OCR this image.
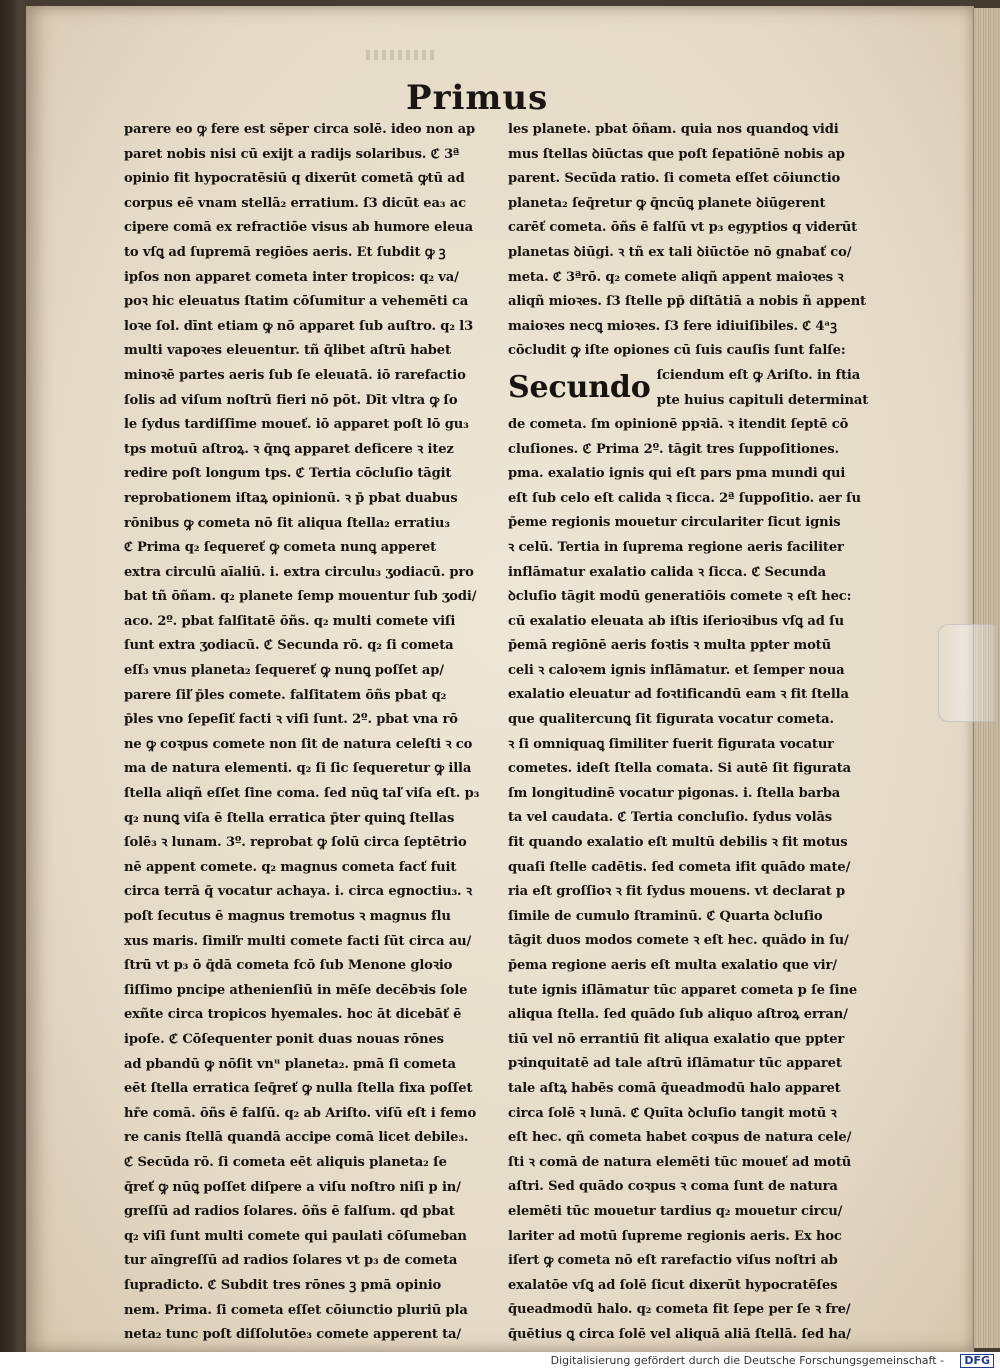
Primus
parere eo ꝙ fere est sēper circa solē. ideo non ap
paret nobis nisi cū exijt a radijs solaribus. ℭ 3ª
opinio fit hypocratēsiū q dixerūt cometā ꝙtū ad
corpus eē vnam stellā₂ erratium. ſ3 dicūt ea₃ ac
cipere comā ex refractiōe visus ab humore eleua
to vſꝗ ad ſupremā regiōes aeris. Et ſubdit ꝙ ꝫ
ipſos non apparet cometa inter tropicos: q₂ va/
poꝛ hic eleuatus ſtatim cōſumitur a vehemēti ca
loꝛe ſol. dīnt etiam ꝙ nō apparet ſub auſtro. q₂ l3
multi vapoꝛes eleuentur. tñ q̄libet aſtrū habet
minoꝛē partes aeris ſub ſe eleuatā. iō rarefactio
ſolis ad viſum noſtrū fieri nō pōt. Dīt vltra ꝙ ſo
le ſydus tardiſſime moueť. iō apparet poſt lō gu₃
tps motuū aſtroꝝ. ꝛ q̄nꝗ apparet deficere ꝛ itez
redire poſt longum tps. ℭ Tertia cōcluſio tāgit
reprobationem iſtaꝝ opinionū. ꝛ p̄ pbat duabus
rōnibus ꝙ cometa nō ſit aliqua ſtella₂ erratiu₃
ℭ Prima q₂ ſequereť ꝙ cometa nunꝗ apperet
extra circulū aīaliū. i. extra circulu₃ ʒodiacū. pro
bat tñ ōñam. q₂ planete ſemp mouentur ſub ʒodi/
aco. 2º. pbat falſitatē ōñs. q₂ multi comete viſi
ſunt extra ʒodiacū. ℭ Secunda rō. q₂ ſi cometa
eſſ₃ vnus planeta₂ ſequereť ꝙ nunꝗ poſſet ap/
parere ſiľ p̄les comete. falſitatem ōñs pbat q₂
p̄les vno ſepeſiť facti ꝛ viſi ſunt. 2º. pbat vna rō
ne ꝙ coꝛpus comete non ſit de natura celeſti ꝛ co
ma de natura elementi. q₂ ſi ſic ſequeretur ꝙ illa
ſtella aliqñ eſſet ſine coma. ſed nūꝗ taľ viſa eſt. p₃
q₂ nunꝗ viſa ē ſtella erratica p̄ter quinꝗ ſtellas
ſolē₃ ꝛ lunam. 3º. reprobat ꝙ ſolū circa ſeptētrio
nē appent comete. q₂ magnus cometa facť fuit
circa terrā q̄ vocatur achaya. i. circa egnoctiu₃. ꝛ
poſt ſecutus ē magnus tremotus ꝛ magnus flu
xus maris. ſimiľr multi comete facti ſūt circa au/
ſtrū vt p₃ ō q̄dā cometa fcō ſub Menone gloꝛio
ſiſſimo pncipe athenienſiū in mēſe decēbꝛis ſole
exñte circa tropicos hyemales. hoc āt dicebāť ē
ipoſe. ℭ Cōſequenter ponit duas nouas rōnes
ad pbandū ꝙ nōſit vnᵘ planeta₂. pmā ſi cometa
eēt ſtella erratica ſeq̄reť ꝙ nulla ſtella fixa poſſet
hr̄e comā. ōñs ē falſū. q₂ ab Ariſto. viſū eſt i femo
re canis ſtellā quandā accipe comā licet debile₃.
ℭ Secūda rō. ſi cometa eēt aliquis planeta₂ ſe
q̄reť ꝙ nūꝗ poſſet diſpere a viſu noſtro niſi p in/
greſſū ad radios ſolares. ōñs ē falſum. qd pbat
q₂ viſi ſunt multi comete qui paulati cōſumeban
tur aīngreſſū ad radios ſolares vt p₃ de cometa
ſupradicto. ℭ Subdit tres rōnes ꝫ pmā opinio
nem. Prima. ſi cometa eſſet cōiunctio pluriū pla
neta₂ tunc poſt diſſolutōe₃ comete apperent ta/
les planete. pbat ōñam. quia nos quandoꝗ vidi
mus ſtellas ꝺiūctas que poſt ſepatiōnē nobis ap
parent. Secūda ratio. ſi cometa eſſet cōiunctio
planeta₂ ſeq̄retur ꝙ q̄ncūꝗ planete ꝺiūgerent
carēť cometa. ōñs ē falſū vt p₃ egyptios q viderūt
planetas ꝺiūgi. ꝛ tñ ex tali ꝺiūctōe nō gnabať co/
meta. ℭ 3ªrō. q₂ comete aliqñ appent maioꝛes ꝛ
aliqñ mioꝛes. ſ3 ſtelle pp̄ diſtātiā a nobis ñ appent
maioꝛes necꝗ mioꝛes. ſ3 fere idiuiſibiles. ℭ 4ᵃꝫ
cōcludit ꝙ iſte opiones cū ſuis cauſis ſunt falſe:
Secundo ſciendum eſt ꝙ Ariſto. in ftia
pte huius capituli determinat
de cometa. ſm opinionē ppꝛiā. ꝛ itendit ſeptē cō
cluſiones. ℭ Prima 2º. tāgit tres ſuppoſitiones.
pma. exalatio ignis qui eſt pars pma mundi qui
eſt ſub celo eſt calida ꝛ ſicca. 2ª ſuppoſitio. aer ſu
p̄eme regionis mouetur circulariter ſicut ignis
ꝛ celū. Tertia in ſuprema regione aeris faciliter
inflāmatur exalatio calida ꝛ ſicca. ℭ Secunda
ꝺcluſio tāgit modū generatiōis comete ꝛ eſt hec:
cū exalatio eleuata ab iſtis iſerioꝛibus vſꝗ ad ſu
p̄emā regiōnē aeris foꝛtis ꝛ multa ppter motū
celi ꝛ caloꝛem ignis inflāmatur. et ſemper noua
exalatio eleuatur ad foꝛtificandū eam ꝛ fit ſtella
que qualitercunꝗ ſit figurata vocatur cometa.
ꝛ ſi omniquaꝗ ſimiliter fuerit figurata vocatur
cometes. ideſt ſtella comata. Si autē ſit figurata
ſm longitudinē vocatur pigonas. i. ſtella barba
ta vel caudata. ℭ Tertia concluſio. ſydus volās
fit quando exalatio eſt multū debilis ꝛ fit motus
quaſi ſtelle cadētis. ſed cometa ifit quādo mate/
ria eſt groſſioꝛ ꝛ fit ſydus mouens. vt declarat p
ſimile de cumulo ſtraminū. ℭ Quarta ꝺcluſio
tāgit duos modos comete ꝛ eſt hec. quādo in ſu/
p̄ema regione aeris eſt multa exalatio que vir/
tute ignis iſlāmatur tūc apparet cometa p ſe ſine
aliqua ſtella. ſed quādo ſub aliquo aſtroꝝ erran/
tiū vel nō errantiū fit aliqua exalatio que ppter
pꝛinquitatē ad tale aſtrū iſlāmatur tūc apparet
tale aſtꝝ habēs comā q̄ueadmodū halo apparet
circa ſolē ꝛ lunā. ℭ Quīta ꝺcluſio tangit motū ꝛ
eſt hec. qñ cometa habet coꝛpus de natura cele/
ſti ꝛ comā de natura elemēti tūc moueť ad motū
aſtri. Sed quādo coꝛpus ꝛ coma ſunt de natura
elemēti tūc mouetur tardius q₂ mouetur circu/
lariter ad motū ſupreme regionis aeris. Ex hoc
iſert ꝙ cometa nō eſt rarefactio viſus noſtri ab
exalatōe vſꝗ ad ſolē ſicut dixerūt hypocratēſes
q̄ueadmodū halo. q₂ cometa fit ſepe per ſe ꝛ fre/
q̄uētius ꝗ circa ſolē vel aliquā aliā ſtellā. ſed ha/
Digitalisierung gefördert durch die Deutsche Forschungsgemeinschaft -	DFG
